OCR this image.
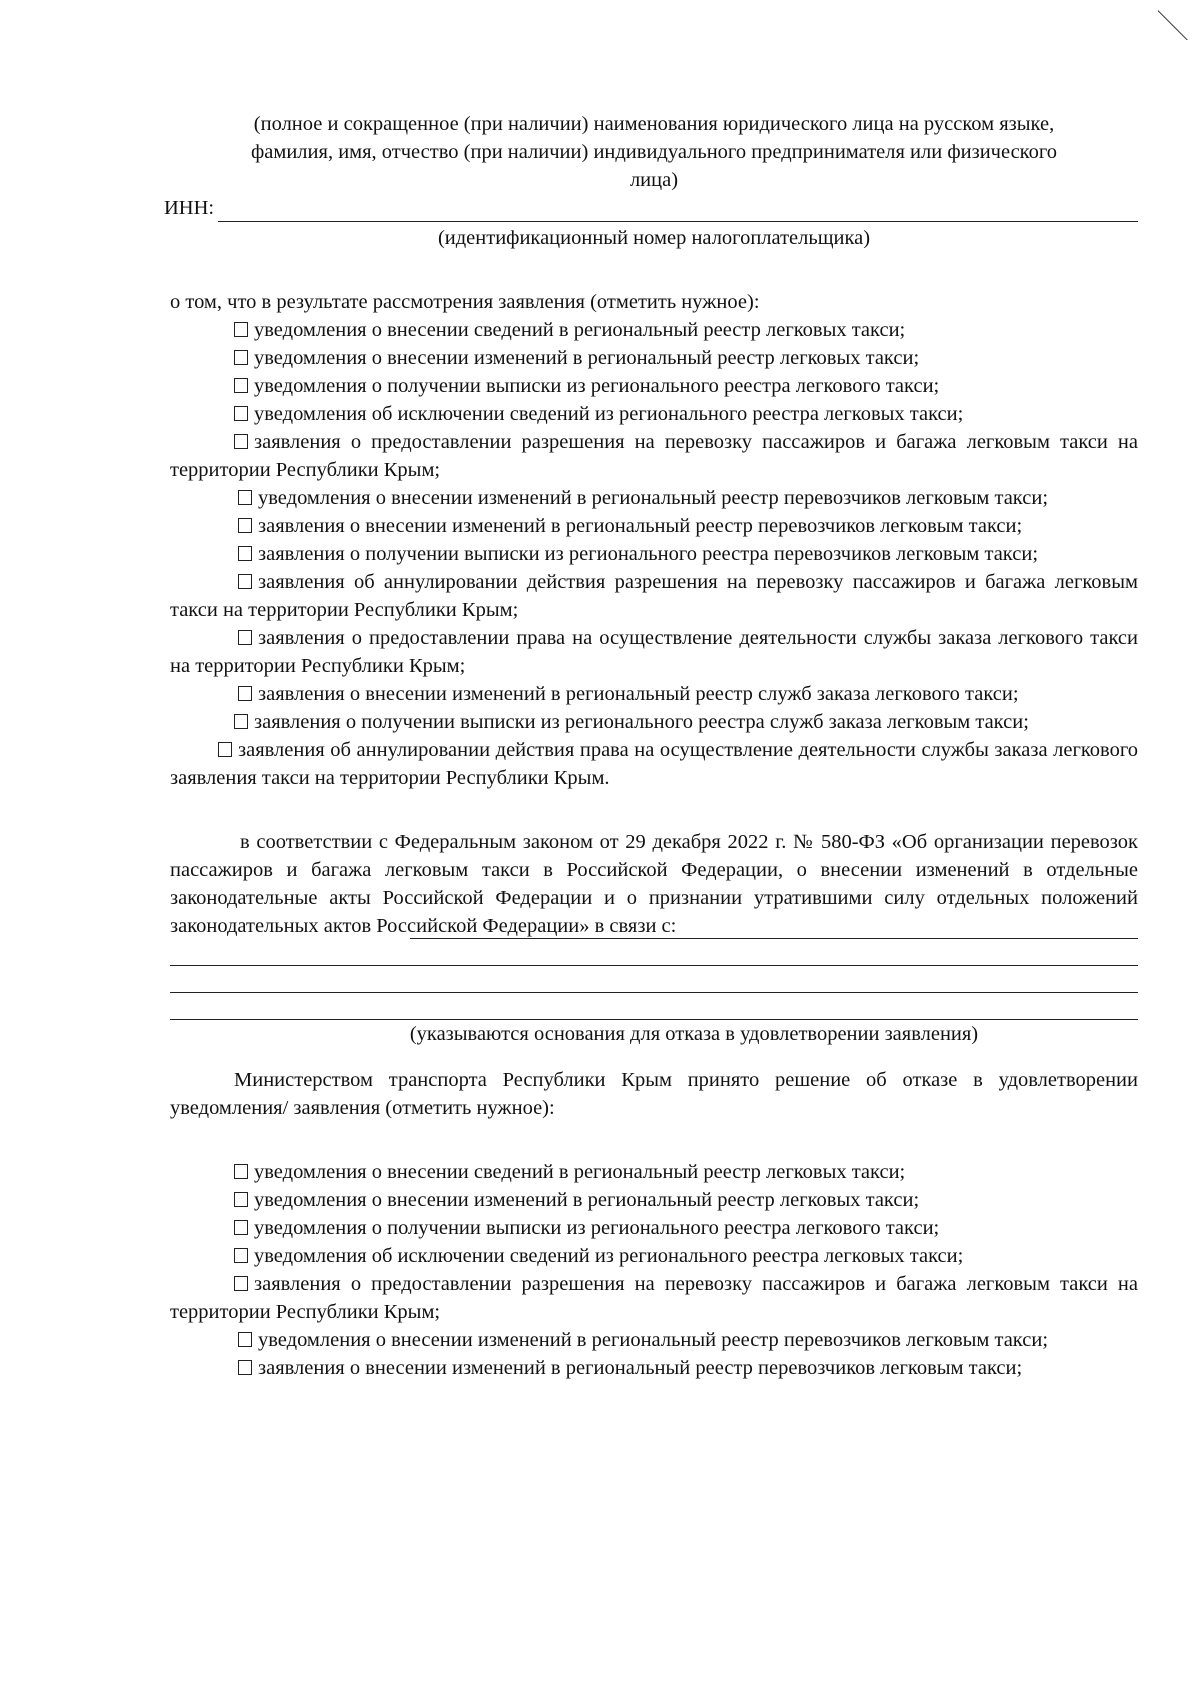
(полное и сокращенное (при наличии) наименования юридического лица на русском языке,
фамилия, имя, отчество (при наличии) индивидуального предпринимателя или физического
лица)
ИНН:
(идентификационный номер налогоплательщика)
о том, что в результате рассмотрения заявления (отметить нужное):
уведомления о внесении сведений в региональный реестр легковых такси;
уведомления о внесении изменений в региональный реестр легковых такси;
уведомления о получении выписки из регионального реестра легкового такси;
уведомления об исключении сведений из регионального реестра легковых такси;
заявления о предоставлении разрешения на перевозку пассажиров и багажа легковым такси на территории Республики Крым;
уведомления о внесении изменений в региональный реестр перевозчиков легковым такси;
заявления о внесении изменений в региональный реестр перевозчиков легковым такси;
заявления о получении выписки из регионального реестра перевозчиков легковым такси;
заявления об аннулировании действия разрешения на перевозку пассажиров и багажа легковым такси на территории Республики Крым;
заявления о предоставлении права на осуществление деятельности службы заказа легкового такси на территории Республики Крым;
заявления о внесении изменений в региональный реестр служб заказа легкового такси;
заявления о получении выписки из регионального реестра служб заказа легковым такси;
заявления об аннулировании действия права на осуществление деятельности службы заказа легкового заявления такси на территории Республики Крым.
в соответствии с Федеральным законом от 29 декабря 2022 г. № 580-ФЗ «Об организации перевозок пассажиров и багажа легковым такси в Российской Федерации, о внесении изменений в отдельные законодательные акты Российской Федерации и о признании утратившими силу отдельных положений законодательных актов Российской Федерации» в связи с:
(указываются основания для отказа в удовлетворении заявления)
Министерством транспорта Республики Крым принято решение об отказе в удовлетворении уведомления/ заявления (отметить нужное):
уведомления о внесении сведений в региональный реестр легковых такси;
уведомления о внесении изменений в региональный реестр легковых такси;
уведомления о получении выписки из регионального реестра легкового такси;
уведомления об исключении сведений из регионального реестра легковых такси;
заявления о предоставлении разрешения на перевозку пассажиров и багажа легковым такси на территории Республики Крым;
уведомления о внесении изменений в региональный реестр перевозчиков легковым такси;
заявления о внесении изменений в региональный реестр перевозчиков легковым такси;
